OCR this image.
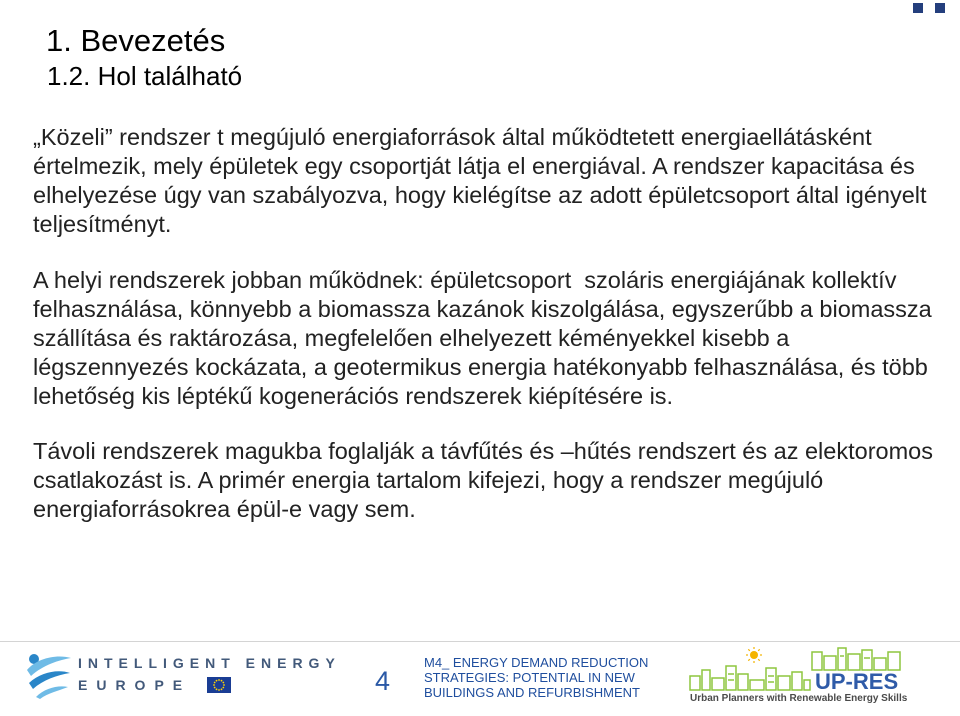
1. Bevezetés
1.2. Hol található
„Közeli” rendszer t megújuló energiaforrások által működtetett energiaellátásként
értelmezik, mely épületek egy csoportját látja el energiával. A rendszer kapacitása és
elhelyezése úgy van szabályozva, hogy kielégítse az adott épületcsoport által igényelt
teljesítményt.
A helyi rendszerek jobban működnek: épületcsoport  szoláris energiájának kollektív
felhasználása, könnyebb a biomassza kazánok kiszolgálása, egyszerűbb a biomassza
szállítása és raktározása, megfelelően elhelyezett kéményekkel kisebb a
légszennyezés kockázata, a geotermikus energia hatékonyabb felhasználása, és több
lehetőség kis léptékű kogenerációs rendszerek kiépítésére is.
Távoli rendszerek magukba foglalják a távfűtés és –hűtés rendszert és az elektoromos
csatlakozást is. A primér energia tartalom kifejezi, hogy a rendszer megújuló
energiaforrásokrea épül-e vagy sem.
INTELLIGENT ENERGY
EUROPE	4
M4_ ENERGY DEMAND REDUCTION
STRATEGIES: POTENTIAL IN NEW
BUILDINGS AND REFURBISHMENT	UP-RES
Urban Planners with Renewable Energy Skills
